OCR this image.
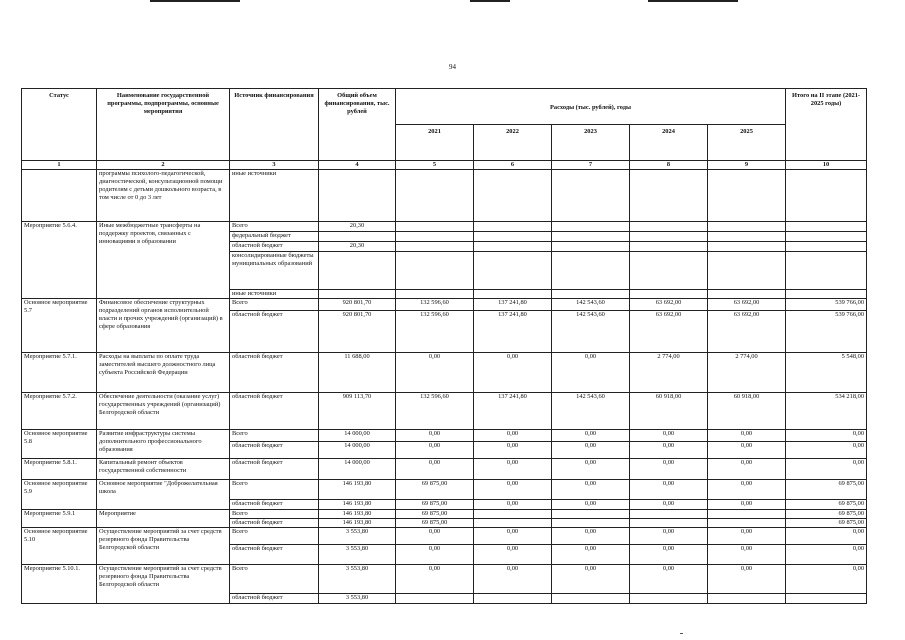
94
Статус	Наименование государственной программы, подпрограммы, основные мероприятия	Источник финансирования	Общий объем финансирования, тыс. рублей	Расходы (тыс. рублей), годы					Итого на II этапе (2021-2025 годы)
				2021	2022	2023	2024	2025	
1	2	3	4	5	6	7	8	9	10
	программы психолого-педагогической, диагностической, консультационной помощи родителям с детьми дошкольного возраста, в том числе от 0 до 3 лет	иные источники							
Мероприятие 5.6.4.	Иные межбюджетные трансферты на поддержку проектов, связанных с инновациями в образовании	Всего	20,30						
		федеральный бюджет							
		областной бюджет	20,30						
		консолидированные бюджеты муниципальных образований							
		иные источники							
Основное мероприятие 5.7	Финансовое обеспечение структурных подразделений органов исполнительной власти и прочих учреждений (организаций) в сфере образования	Всего	920 801,70	132 596,60	137 241,80	142 543,60	63 692,00	63 692,00	539 766,00
		областной бюджет	920 801,70	132 596,60	137 241,80	142 543,60	63 692,00	63 692,00	539 766,00
Мероприятие 5.7.1.	Расходы на выплаты по оплате труда заместителей высшего должностного лица субъекта Российской Федерации	областной бюджет	11 688,00	0,00	0,00	0,00	2 774,00	2 774,00	5 548,00
Мероприятие 5.7.2.	Обеспечение деятельности (оказание услуг) государственных учреждений (организаций) Белгородской области	областной бюджет	909 113,70	132 596,60	137 241,80	142 543,60	60 918,00	60 918,00	534 218,00
Основное мероприятие 5.8	Развитие инфраструктуры системы дополнительного профессионального образования	Всего	14 000,00	0,00	0,00	0,00	0,00	0,00	0,00
		областной бюджет	14 000,00	0,00	0,00	0,00	0,00	0,00	0,00
Мероприятие 5.8.1.	Капитальный ремонт объектов государственной собственности	областной бюджет	14 000,00	0,00	0,00	0,00	0,00	0,00	0,00
Основное мероприятие 5.9	Основное мероприятие "Доброжелательная школа	Всего	146 193,80	69 875,00	0,00	0,00	0,00	0,00	69 875,00
		областной бюджет	146 193,80	69 875,00	0,00	0,00	0,00	0,00	69 875,00
Мероприятие 5.9.1	Мероприятие	Всего	146 193,80	69 875,00					69 875,00
		областной бюджет	146 193,80	69 875,00					69 875,00
Основное мероприятие 5.10	Осуществление мероприятий за счет средств резервного фонда Правительства Белгородской области	Всего	3 553,80	0,00	0,00	0,00	0,00	0,00	0,00
		областной бюджет	3 553,80	0,00	0,00	0,00	0,00	0,00	0,00
Мероприятие 5.10.1.	Осуществление мероприятий за счет средств резервного фонда Правительства Белгородской области	Всего	3 553,80	0,00	0,00	0,00	0,00	0,00	0,00
		областной бюджет	3 553,80						
